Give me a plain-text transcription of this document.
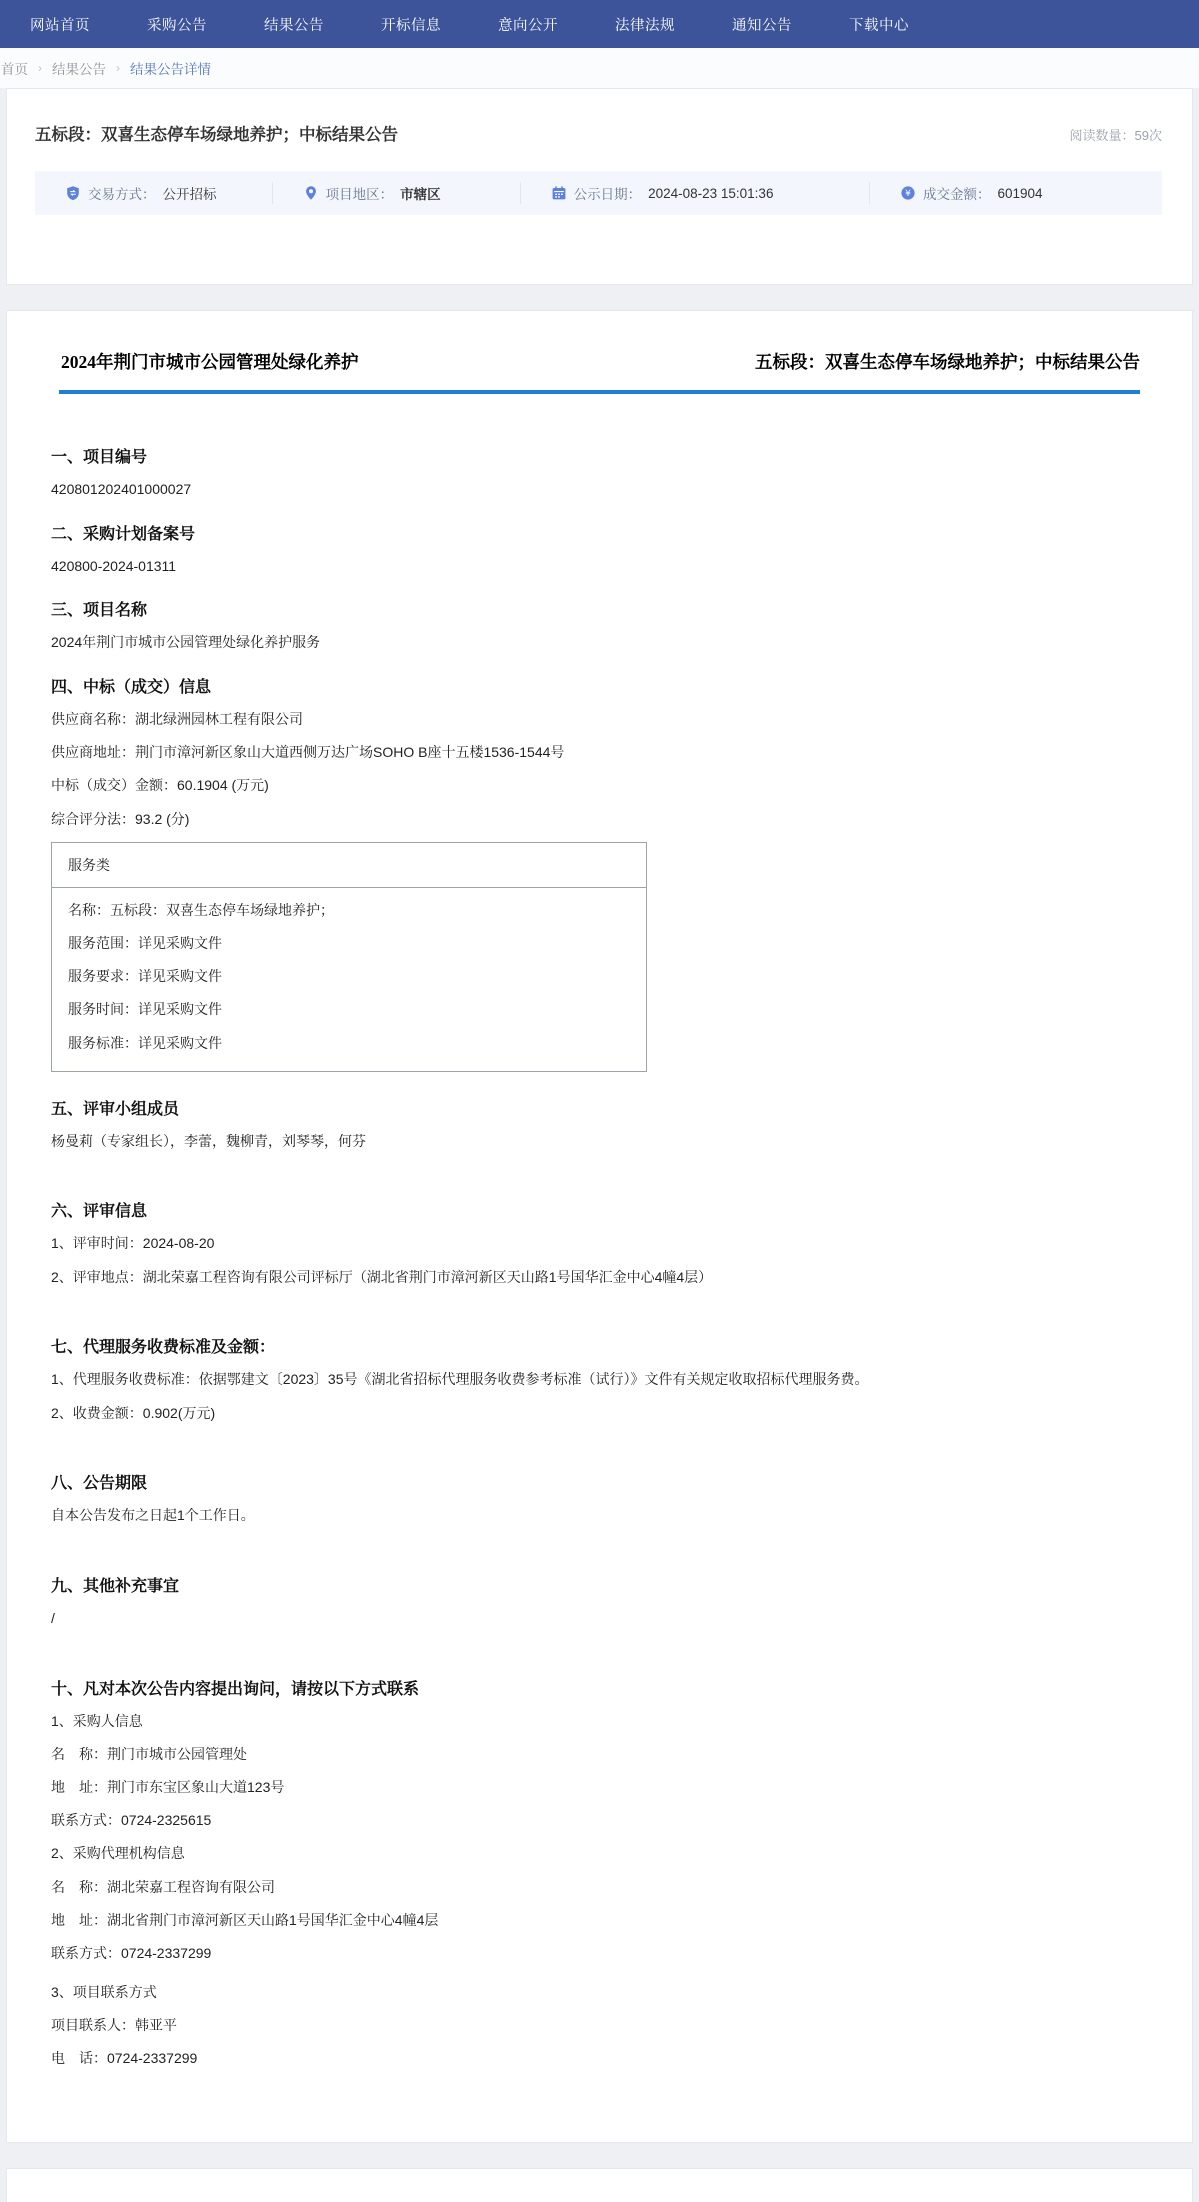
网站首页	采购公告	结果公告	开标信息	意向公开	法律法规	通知公告	下载中心
首页 › 结果公告 › 结果公告详情
五标段：双喜生态停车场绿地养护；中标结果公告	阅读数量：59次
交易方式： 公开招标	项目地区： 市辖区	公示日期： 2024-08-23 15:01:36	¥ 成交金额： 601904
2024年荆门市城市公园管理处绿化养护	五标段：双喜生态停车场绿地养护；中标结果公告
一、项目编号

420801202401000027

二、采购计划备案号

420800-2024-01311

三、项目名称

2024年荆门市城市公园管理处绿化养护服务

四、中标（成交）信息

供应商名称：湖北绿洲园林工程有限公司

供应商地址：荆门市漳河新区象山大道西侧万达广场SOHO B座十五楼1536-1544号

中标（成交）金额：60.1904 (万元)

综合评分法：93.2 (分)

服务类

名称：五标段：双喜生态停车场绿地养护；

服务范围：详见采购文件

服务要求：详见采购文件

服务时间：详见采购文件

服务标准：详见采购文件

五、评审小组成员

杨曼莉（专家组长），李蕾，魏柳青，刘琴琴，何芬

六、评审信息

1、评审时间：2024-08-20

2、评审地点：湖北荣嘉工程咨询有限公司评标厅（湖北省荆门市漳河新区天山路1号国华汇金中心4幢4层）

七、代理服务收费标准及金额：

1、代理服务收费标准：依据鄂建文〔2023〕35号《湖北省招标代理服务收费参考标准（试行）》文件有关规定收取招标代理服务费。

2、收费金额：0.902(万元)

八、公告期限

自本公告发布之日起1个工作日。

九、其他补充事宜

/

十、凡对本次公告内容提出询问，请按以下方式联系

1、采购人信息

名　称：荆门市城市公园管理处

地　址：荆门市东宝区象山大道123号

联系方式：0724-2325615

2、采购代理机构信息

名　称：湖北荣嘉工程咨询有限公司

地　址：湖北省荆门市漳河新区天山路1号国华汇金中心4幢4层

联系方式：0724-2337299

3、项目联系方式

项目联系人：韩亚平

电　话：0724-2337299
